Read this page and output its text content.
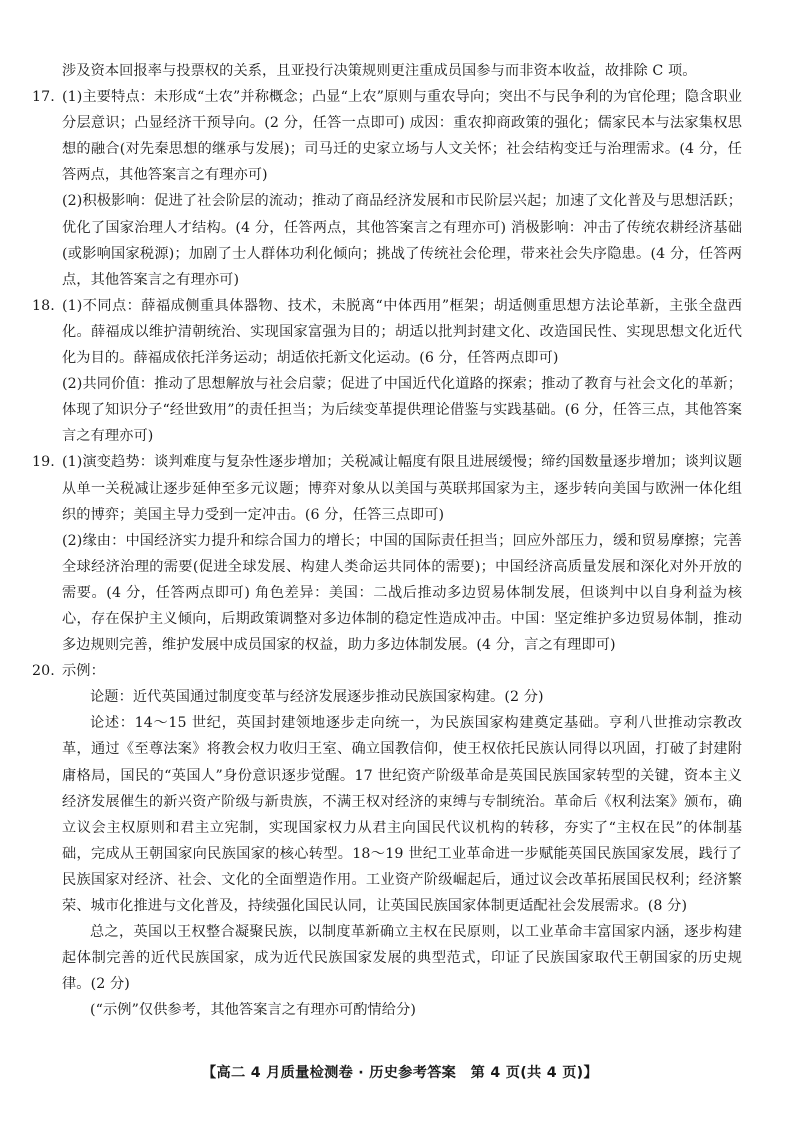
涉及资本回报率与投票权的关系，且亚投行决策规则更注重成员国参与而非资本收益，故排除 C 项。

17. (1)主要特点：未形成“土农”并称概念；凸显“上农”原则与重农导向；突出不与民争利的为官伦理；隐含职业分层意识；凸显经济干预导向。(2 分，任答一点即可) 成因：重农抑商政策的强化；儒家民本与法家集权思想的融合(对先秦思想的继承与发展)；司马迁的史家立场与人文关怀；社会结构变迁与治理需求。(4 分，任答两点，其他答案言之有理亦可)

(2)积极影响：促进了社会阶层的流动；推动了商品经济发展和市民阶层兴起；加速了文化普及与思想活跃；优化了国家治理人才结构。(4 分，任答两点，其他答案言之有理亦可) 消极影响：冲击了传统农耕经济基础(或影响国家税源)；加剧了士人群体功利化倾向；挑战了传统社会伦理，带来社会失序隐患。(4 分，任答两点，其他答案言之有理亦可)

18. (1)不同点：薛福成侧重具体器物、技术，未脱离“中体西用”框架；胡适侧重思想方法论革新，主张全盘西化。薛福成以维护清朝统治、实现国家富强为目的；胡适以批判封建文化、改造国民性、实现思想文化近代化为目的。薛福成依托洋务运动；胡适依托新文化运动。(6 分，任答两点即可)

(2)共同价值：推动了思想解放与社会启蒙；促进了中国近代化道路的探索；推动了教育与社会文化的革新；体现了知识分子“经世致用”的责任担当；为后续变革提供理论借鉴与实践基础。(6 分，任答三点，其他答案言之有理亦可)

19. (1)演变趋势：谈判难度与复杂性逐步增加；关税减让幅度有限且进展缓慢；缔约国数量逐步增加；谈判议题从单一关税减让逐步延伸至多元议题；博弈对象从以美国与英联邦国家为主，逐步转向美国与欧洲一体化组织的博弈；美国主导力受到一定冲击。(6 分，任答三点即可)

(2)缘由：中国经济实力提升和综合国力的增长；中国的国际责任担当；回应外部压力，缓和贸易摩擦；完善全球经济治理的需要(促进全球发展、构建人类命运共同体的需要)；中国经济高质量发展和深化对外开放的需要。(4 分，任答两点即可) 角色差异：美国：二战后推动多边贸易体制发展，但谈判中以自身利益为核心，存在保护主义倾向，后期政策调整对多边体制的稳定性造成冲击。中国：坚定维护多边贸易体制，推动多边规则完善，维护发展中成员国家的权益，助力多边体制发展。(4 分，言之有理即可)

20. 示例：

论题：近代英国通过制度变革与经济发展逐步推动民族国家构建。(2 分)

论述：14～15 世纪，英国封建领地逐步走向统一，为民族国家构建奠定基础。亨利八世推动宗教改革，通过《至尊法案》将教会权力收归王室、确立国教信仰，使王权依托民族认同得以巩固，打破了封建附庸格局，国民的“英国人”身份意识逐步觉醒。17 世纪资产阶级革命是英国民族国家转型的关键，资本主义经济发展催生的新兴资产阶级与新贵族，不满王权对经济的束缚与专制统治。革命后《权利法案》颁布，确立议会主权原则和君主立宪制，实现国家权力从君主向国民代议机构的转移，夯实了“主权在民”的体制基础，完成从王朝国家向民族国家的核心转型。18～19 世纪工业革命进一步赋能英国民族国家发展，践行了民族国家对经济、社会、文化的全面塑造作用。工业资产阶级崛起后，通过议会改革拓展国民权利；经济繁荣、城市化推进与文化普及，持续强化国民认同，让英国民族国家体制更适配社会发展需求。(8 分)

总之，英国以王权整合凝聚民族，以制度革新确立主权在民原则，以工业革命丰富国家内涵，逐步构建起体制完善的近代民族国家，成为近代民族国家发展的典型范式，印证了民族国家取代王朝国家的历史规律。(2 分)

(“示例”仅供参考，其他答案言之有理亦可酌情给分)

【高二 4 月质量检测卷 · 历史参考答案　第 4 页(共 4 页)】
